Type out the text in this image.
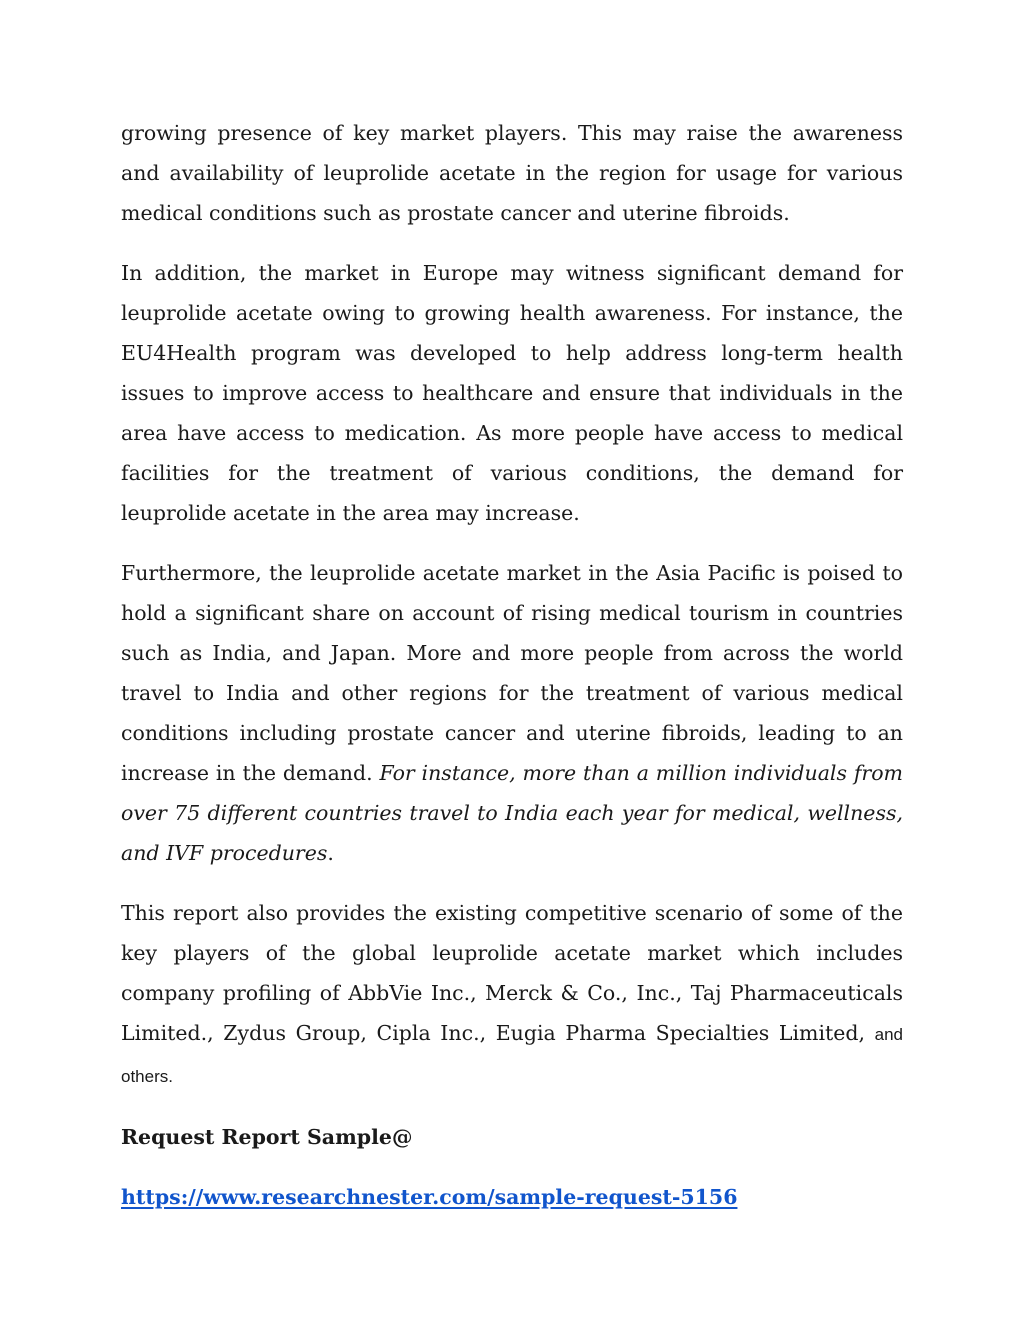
growing presence of key market players. This may raise the awareness and availability of leuprolide acetate in the region for usage for various medical conditions such as prostate cancer and uterine fibroids.

In addition, the market in Europe may witness significant demand for leuprolide acetate owing to growing health awareness. For instance, the EU4Health program was developed to help address long-term health issues to improve access to healthcare and ensure that individuals in the area have access to medication. As more people have access to medical facilities for the treatment of various conditions, the demand for leuprolide acetate in the area may increase.

Furthermore, the leuprolide acetate market in the Asia Pacific is poised to hold a significant share on account of rising medical tourism in countries such as India, and Japan. More and more people from across the world travel to India and other regions for the treatment of various medical conditions including prostate cancer and uterine fibroids, leading to an increase in the demand. For instance, more than a million individuals from over 75 different countries travel to India each year for medical, wellness, and IVF procedures.

This report also provides the existing competitive scenario of some of the key players of the global leuprolide acetate market which includes company profiling of AbbVie Inc., Merck & Co., Inc., Taj Pharmaceuticals Limited., Zydus Group, Cipla Inc., Eugia Pharma Specialties Limited, and others.

Request Report Sample@

https://www.researchnester.com/sample-request-5156
